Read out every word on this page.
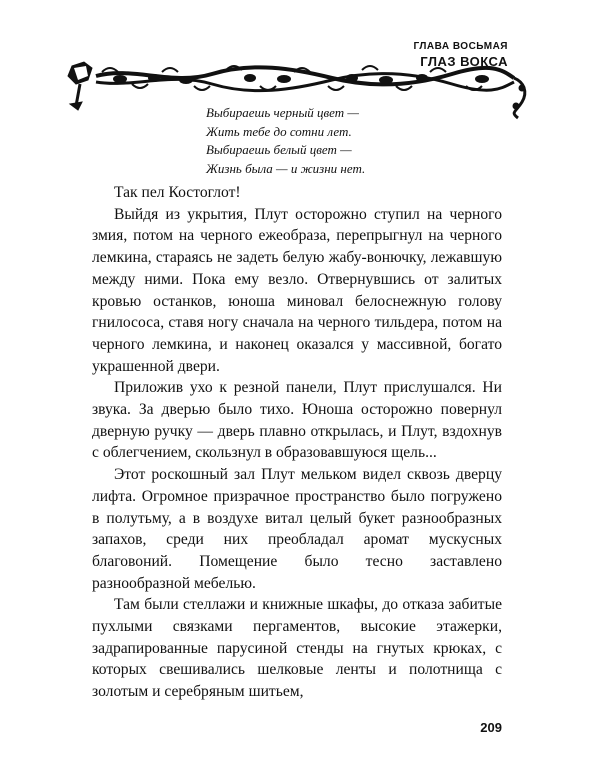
ГЛАВА ВОСЬМАЯ
ГЛАЗ ВОКСА
Выбираешь черный цвет —
Жить тебе до сотни лет.
Выбираешь белый цвет —
Жизнь была — и жизни нет.

Так пел Костоглот!

Выйдя из укрытия, Плут осторожно ступил на черного змия, потом на черного ежеобраза, перепрыгнул на черного лемкина, стараясь не задеть белую жабу-вонючку, лежавшую между ними. Пока ему везло. Отвернувшись от залитых кровью останков, юноша миновал белоснежную голову гнилососа, ставя ногу сначала на черного тильдера, потом на черного лемкина, и наконец оказался у массивной, богато украшенной двери.

Приложив ухо к резной панели, Плут прислушался. Ни звука. За дверью было тихо. Юноша осторожно повернул дверную ручку — дверь плавно открылась, и Плут, вздохнув с облегчением, скользнул в образовавшуюся щель...

Этот роскошный зал Плут мельком видел сквозь дверцу лифта. Огромное призрачное пространство было погружено в полутьму, а в воздухе витал целый букет разнообразных запахов, среди них преобладал аромат мускусных благовоний. Помещение было тесно заставлено разнообразной мебелью.

Там были стеллажи и книжные шкафы, до отказа забитые пухлыми связками пергаментов, высокие этажерки, задрапированные парусиной стенды на гнутых крюках, с которых свешивались шелковые ленты и полотнища с золотым и серебряным шитьем,

209
